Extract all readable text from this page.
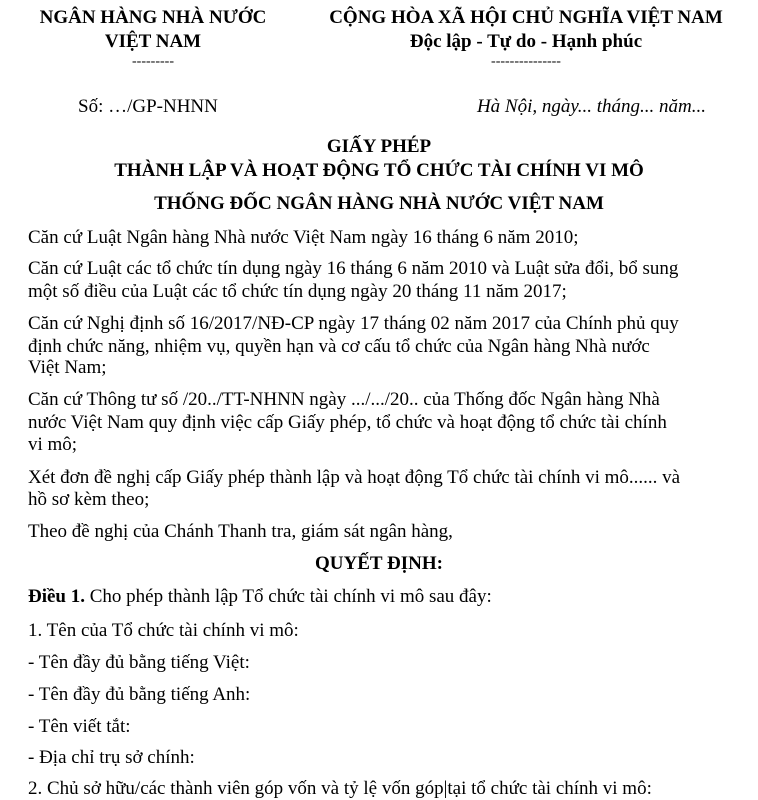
NGÂN HÀNG NHÀ NƯỚC
VIỆT NAM
---------
CỘNG HÒA XÃ HỘI CHỦ NGHĨA VIỆT NAM
Độc lập - Tự do - Hạnh phúc
---------------
Số: …/GP-NHNN	Hà Nội, ngày... tháng... năm...
GIẤY PHÉP
THÀNH LẬP VÀ HOẠT ĐỘNG TỔ CHỨC TÀI CHÍNH VI MÔ
THỐNG ĐỐC NGÂN HÀNG NHÀ NƯỚC VIỆT NAM
Căn cứ Luật Ngân hàng Nhà nước Việt Nam ngày 16 tháng 6 năm 2010;
Căn cứ Luật các tổ chức tín dụng ngày 16 tháng 6 năm 2010 và Luật sửa đổi, bổ sung
một số điều của Luật các tổ chức tín dụng ngày 20 tháng 11 năm 2017;
Căn cứ Nghị định số 16/2017/NĐ-CP ngày 17 tháng 02 năm 2017 của Chính phủ quy
định chức năng, nhiệm vụ, quyền hạn và cơ cấu tổ chức của Ngân hàng Nhà nước
Việt Nam;
Căn cứ Thông tư số /20../TT-NHNN ngày .../.../20.. của Thống đốc Ngân hàng Nhà
nước Việt Nam quy định việc cấp Giấy phép, tổ chức và hoạt động tổ chức tài chính
vi mô;
Xét đơn đề nghị cấp Giấy phép thành lập và hoạt động Tổ chức tài chính vi mô...... và
hồ sơ kèm theo;
Theo đề nghị của Chánh Thanh tra, giám sát ngân hàng,
QUYẾT ĐỊNH:
Điều 1. Cho phép thành lập Tổ chức tài chính vi mô sau đây:
1. Tên của Tổ chức tài chính vi mô:
- Tên đầy đủ bằng tiếng Việt:
- Tên đầy đủ bằng tiếng Anh:
- Tên viết tắt:
- Địa chỉ trụ sở chính:
2. Chủ sở hữu/các thành viên góp vốn và tỷ lệ vốn góp|tại tổ chức tài chính vi mô:
